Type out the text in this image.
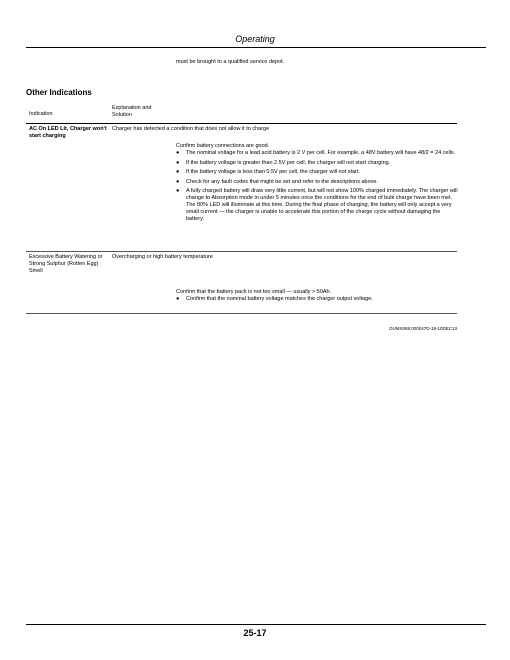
Operating
must be brought to a qualified service depot.
Other Indications
Indication
Explanation and Solution
AC On LED Lit, Charger won't start charging
Charger has detected a condition that does not allow it to charge
Confirm battery connections are good.
● The nominal voltage for a lead acid battery is 2 V per cell. For example, a 48V battery will have 48/2 = 24 cells.
● If the battery voltage is greater than 2.5V per cell, the charger will not start charging.
● If the battery voltage is less than 0.5V per cell, the charger will not start.
● Check for any fault codes that might be set and refer to the descriptions above.
● A fully charged battery will draw very little current, but will not show 100% charged immediately. The charger will change to Absorption mode in under 5 minutes once the conditions for the end of bulk charge have been met. The 80% LED will illuminate at this time. During the final phase of charging, the battery will only accept a very small current — the charger is unable to accelerate this portion of the charge cycle without damaging the battery.
Excessive Battery Watering or Strong Sulphur (Rotten Egg) Smell
Overcharging or high battery temperature
Confirm that the battery pack is not too small — usually > 50Ah.
● Confirm that the nominal battery voltage matches the charger output voltage.
OUMX068,000047D-19-10DEC13
25-17
